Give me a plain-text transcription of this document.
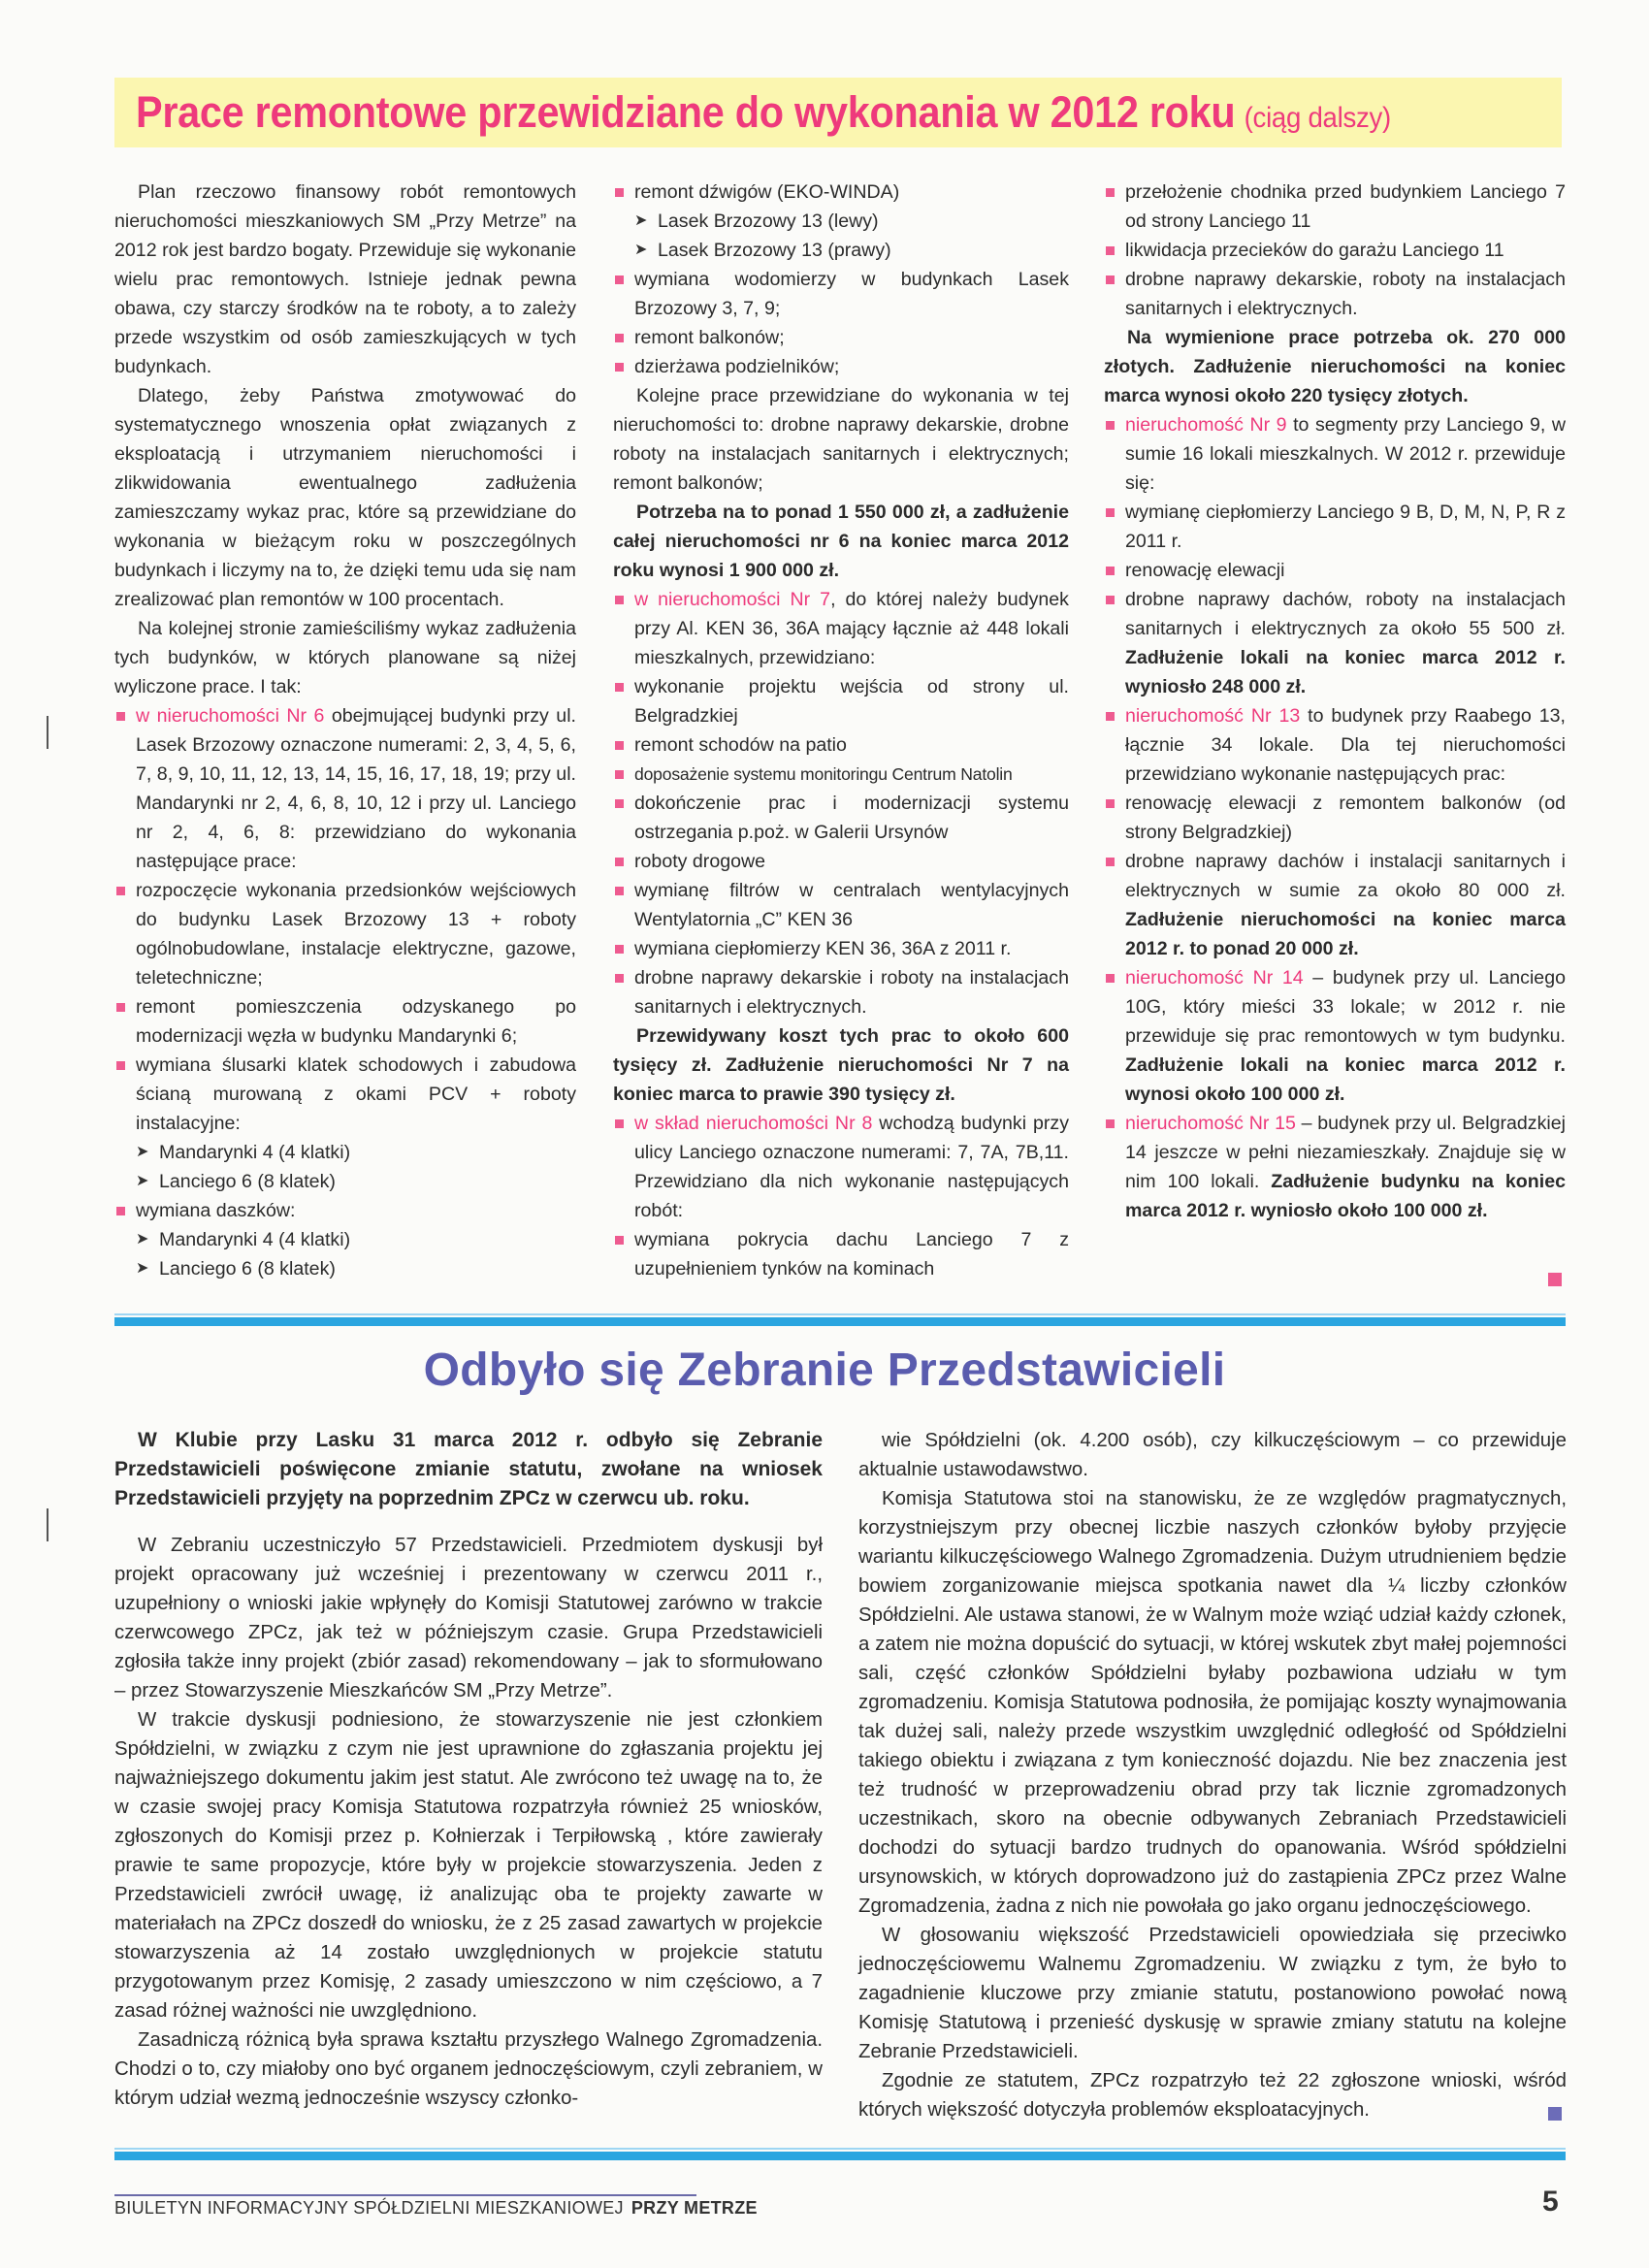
Prace remontowe przewidziane do wykonania w 2012 roku (ciąg dalszy)

Plan rzeczowo finansowy robót remontowych nieruchomości mieszkaniowych SM „Przy Metrze” na 2012 rok jest bardzo bogaty. Przewiduje się wykonanie wielu prac remontowych. Istnieje jednak pewna obawa, czy starczy środków na te roboty, a to zależy przede wszystkim od osób zamieszkujących w tych budynkach.

Dlatego, żeby Państwa zmotywować do systematycznego wnoszenia opłat związanych z eksploatacją i utrzymaniem nieruchomości i zlikwidowania ewentualnego zadłużenia zamieszczamy wykaz prac, które są przewidziane do wykonania w bieżącym roku w poszczególnych budynkach i liczymy na to, że dzięki temu uda się nam zrealizować plan remontów w 100 procentach.

Na kolejnej stronie zamieściliśmy wykaz zadłużenia tych budynków, w których planowane są niżej wyliczone prace. I tak:

w nieruchomości Nr 6 obejmującej budynki przy ul. Lasek Brzozowy oznaczone numerami: 2, 3, 4, 5, 6, 7, 8, 9, 10, 11, 12, 13, 14, 15, 16, 17, 18, 19; przy ul. Mandarynki nr 2, 4, 6, 8, 10, 12 i przy ul. Lanciego nr 2, 4, 6, 8: przewidziano do wykonania następujące prace:

rozpoczęcie wykonania przedsionków wejściowych do budynku Lasek Brzozowy 13 + roboty ogólnobudowlane, instalacje elektryczne, gazowe, teletechniczne;

remont pomieszczenia odzyskanego po modernizacji węzła w budynku Mandarynki 6;

wymiana ślusarki klatek schodowych i zabudowa ścianą murowaną z okami PCV + roboty instalacyjne:

➤ Mandarynki 4 (4 klatki)

➤ Lanciego 6 (8 klatek)

wymiana daszków:

➤ Mandarynki 4 (4 klatki)

➤ Lanciego 6 (8 klatek)

remont dźwigów (EKO-WINDA)

➤ Lasek Brzozowy 13 (lewy)

➤ Lasek Brzozowy 13 (prawy)

wymiana wodomierzy w budynkach Lasek Brzozowy 3, 7, 9;

remont balkonów;

dzierżawa podzielników;

Kolejne prace przewidziane do wykonania w tej nieruchomości to: drobne naprawy dekarskie, drobne roboty na instalacjach sanitarnych i elektrycznych; remont balkonów;

Potrzeba na to ponad 1 550 000 zł, a zadłużenie całej nieruchomości nr 6 na koniec marca 2012 roku wynosi 1 900 000 zł.

w nieruchomości Nr 7, do której należy budynek przy Al. KEN 36, 36A mający łącznie aż 448 lokali mieszkalnych, przewidziano:

wykonanie projektu wejścia od strony ul. Belgradzkiej

remont schodów na patio

doposażenie systemu monitoringu Centrum Natolin

dokończenie prac i modernizacji systemu ostrzegania p.poż. w Galerii Ursynów

roboty drogowe

wymianę filtrów w centralach wentylacyjnych Wentylatornia „C” KEN 36

wymiana ciepłomierzy KEN 36, 36A z 2011 r.

drobne naprawy dekarskie i roboty na instalacjach sanitarnych i elektrycznych.

Przewidywany koszt tych prac to około 600 tysięcy zł. Zadłużenie nieruchomości Nr 7 na koniec marca to prawie 390 tysięcy zł.

w skład nieruchomości Nr 8 wchodzą budynki przy ulicy Lanciego oznaczone numerami: 7, 7A, 7B,11. Przewidziano dla nich wykonanie następujących robót:

wymiana pokrycia dachu Lanciego 7 z uzupełnieniem tynków na kominach

przełożenie chodnika przed budynkiem Lanciego 7 od strony Lanciego 11

likwidacja przecieków do garażu Lanciego 11

drobne naprawy dekarskie, roboty na instalacjach sanitarnych i elektrycznych.

Na wymienione prace potrzeba ok. 270 000 złotych. Zadłużenie nieruchomości na koniec marca wynosi około 220 tysięcy złotych.

nieruchomość Nr 9 to segmenty przy Lanciego 9, w sumie 16 lokali mieszkalnych. W 2012 r. przewiduje się:

wymianę ciepłomierzy Lanciego 9 B, D, M, N, P, R z 2011 r.

renowację elewacji

drobne naprawy dachów, roboty na instalacjach sanitarnych i elektrycznych za około 55 500 zł. Zadłużenie lokali na koniec marca 2012 r. wyniosło 248 000 zł.

nieruchomość Nr 13 to budynek przy Raabego 13, łącznie 34 lokale. Dla tej nieruchomości przewidziano wykonanie następujących prac:

renowację elewacji z remontem balkonów (od strony Belgradzkiej)

drobne naprawy dachów i instalacji sanitarnych i elektrycznych w sumie za około 80 000 zł. Zadłużenie nieruchomości na koniec marca 2012 r. to ponad 20 000 zł.

nieruchomość Nr 14 – budynek przy ul. Lanciego 10G, który mieści 33 lokale; w 2012 r. nie przewiduje się prac remontowych w tym budynku. Zadłużenie lokali na koniec marca 2012 r. wynosi około 100 000 zł.

nieruchomość Nr 15 – budynek przy ul. Belgradzkiej 14 jeszcze w pełni niezamieszkały. Znajduje się w nim 100 lokali. Zadłużenie budynku na koniec marca 2012 r. wyniosło około 100 000 zł.

Odbyło się Zebranie Przedstawicieli

W Klubie przy Lasku 31 marca 2012 r. odbyło się Zebranie Przedstawicieli poświęcone zmianie statutu, zwołane na wniosek Przedstawicieli przyjęty na poprzednim ZPCz w czerwcu ub. roku.

W Zebraniu uczestniczyło 57 Przedstawicieli. Przedmiotem dyskusji był projekt opracowany już wcześniej i prezentowany w czerwcu 2011 r., uzupełniony o wnioski jakie wpłynęły do Komisji Statutowej zarówno w trakcie czerwcowego ZPCz, jak też w późniejszym czasie. Grupa Przedstawicieli zgłosiła także inny projekt (zbiór zasad) rekomendowany – jak to sformułowano – przez Stowarzyszenie Mieszkańców SM „Przy Metrze”.

W trakcie dyskusji podniesiono, że stowarzyszenie nie jest członkiem Spółdzielni, w związku z czym nie jest uprawnione do zgłaszania projektu jej najważniejszego dokumentu jakim jest statut. Ale zwrócono też uwagę na to, że w czasie swojej pracy Komisja Statutowa rozpatrzyła również 25 wniosków, zgłoszonych do Komisji przez p. Kołnierzak i Terpiłowską , które zawierały prawie te same propozycje, które były w projekcie stowarzyszenia. Jeden z Przedstawicieli zwrócił uwagę, iż analizując oba te projekty zawarte w materiałach na ZPCz doszedł do wniosku, że z 25 zasad zawartych w projekcie stowarzyszenia aż 14 zostało uwzględnionych w projekcie statutu przygotowanym przez Komisję, 2 zasady umieszczono w nim częściowo, a 7 zasad różnej ważności nie uwzględniono.

Zasadniczą różnicą była sprawa kształtu przyszłego Walnego Zgromadzenia. Chodzi o to, czy miałoby ono być organem jednoczęściowym, czyli zebraniem, w którym udział wezmą jednocześnie wszyscy członko-

wie Spółdzielni (ok. 4.200 osób), czy kilkuczęściowym – co przewiduje aktualnie ustawodawstwo.

Komisja Statutowa stoi na stanowisku, że ze względów pragmatycznych, korzystniejszym przy obecnej liczbie naszych członków byłoby przyjęcie wariantu kilkuczęściowego Walnego Zgromadzenia. Dużym utrudnieniem będzie bowiem zorganizowanie miejsca spotkania nawet dla ¼ liczby członków Spółdzielni. Ale ustawa stanowi, że w Walnym może wziąć udział każdy członek, a zatem nie można dopuścić do sytuacji, w której wskutek zbyt małej pojemności sali, część członków Spółdzielni byłaby pozbawiona udziału w tym zgromadzeniu. Komisja Statutowa podnosiła, że pomijając koszty wynajmowania tak dużej sali, należy przede wszystkim uwzględnić odległość od Spółdzielni takiego obiektu i związana z tym konieczność dojazdu. Nie bez znaczenia jest też trudność w przeprowadzeniu obrad przy tak licznie zgromadzonych uczestnikach, skoro na obecnie odbywanych Zebraniach Przedstawicieli dochodzi do sytuacji bardzo trudnych do opanowania. Wśród spółdzielni ursynowskich, w których doprowadzono już do zastąpienia ZPCz przez Walne Zgromadzenia, żadna z nich nie powołała go jako organu jednoczęściowego.

W głosowaniu większość Przedstawicieli opowiedziała się przeciwko jednoczęściowemu Walnemu Zgromadzeniu. W związku z tym, że było to zagadnienie kluczowe przy zmianie statutu, postanowiono powołać nową Komisję Statutową i przenieść dyskusję w sprawie zmiany statutu na kolejne Zebranie Przedstawicieli.

Zgodnie ze statutem, ZPCz rozpatrzyło też 22 zgłoszone wnioski, wśród których większość dotyczyła problemów eksploatacyjnych.

BIULETYN INFORMACYJNY SPÓŁDZIELNI MIESZKANIOWEJ PRZY METRZE	5
